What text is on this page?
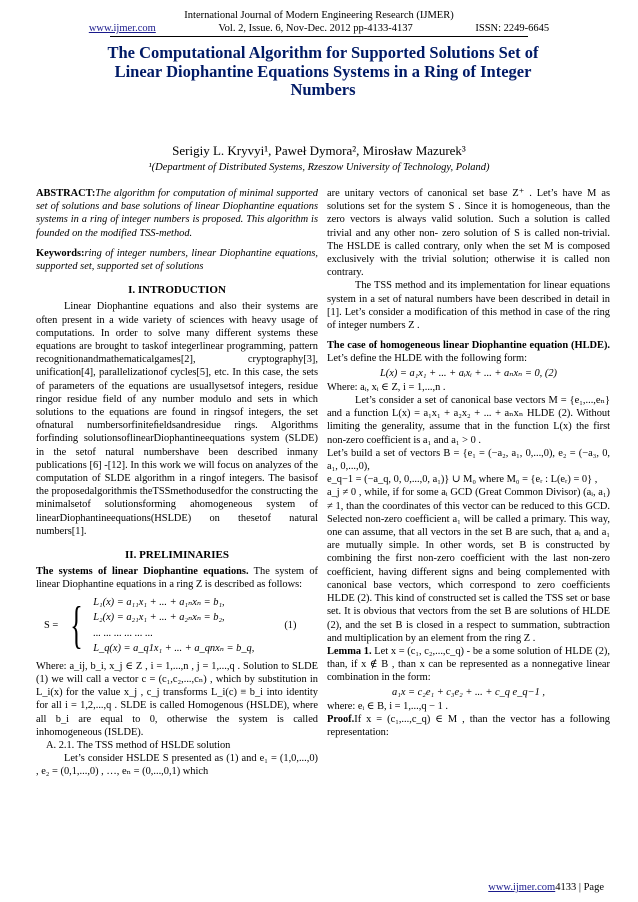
International Journal of Modern Engineering Research (IJMER)
www.ijmer.com	Vol. 2, Issue. 6, Nov-Dec. 2012 pp-4133-4137	ISSN: 2249-6645
The Computational Algorithm for Supported Solutions Set of Linear Diophantine Equations Systems in a Ring of Integer Numbers
Serigiy L. Kryvyi¹, Paweł Dymora², Mirosław Mazurek³
¹(Department of Distributed Systems, Rzeszow University of Technology, Poland)

ABSTRACT:The algorithm for computation of minimal supported set of solutions and base solutions of linear Diophantine equations systems in a ring of integer numbers is proposed. This algorithm is founded on the modified TSS-method.

Keywords:ring of integer numbers, linear Diophantine equations, supported set, supported set of solutions

I. INTRODUCTION

Linear Diophantine equations and also their systems are often present in a wide variety of sciences with heavy usage of computations. In order to solve many different systems these equations are brought to taskof integerlinear programming, pattern recognitionandmathematicalgames[2], cryptography[3], unification[4], parallelizationof cycles[5], etc. In this case, the sets of parameters of the equations are usuallysetsof integers, residue ringor residue field of any number modulo and sets in which solutions to the equations are found in ringsof integers, the set ofnatural numbersorfiniteﬁeldsandresidue rings. Algorithms forfinding solutionsoflinearDiophantineequations system (SLDE) in the setof natural numbershave been described inmany publications [6] -[12]. In this work we will focus on analyzes of the computation of SLDE algorithm in a ringof integers. The basisof the proposedalgorithmis theTSSmethodusedfor the constructing the minimalsetof solutionsforming ahomogeneous system of linearDiophantineequations(HSLDE) on thesetof natural numbers[1].

II. PRELIMINARIES

The systems of linear Diophantine equations. The system of linear Diophantine equations in a ring Z is described as follows:

S = { L₁(x) = a₁₁x₁ + ... + a₁ₙxₙ = b₁,
L₂(x) = a₂₁x₁ + ... + a₂ₙxₙ = b₂,
... ... ... ... ... ...
L_q(x) = a_q1x₁ + ... + a_qnxₙ = b_q,
(1)

Where: a_ij, b_i, x_j ∈ Z , i = 1,...,n , j = 1,...,q . Solution to SLDE (1) we will call a vector c = (c₁,c₂,...,cₙ) , which by substitution in L_i(x) for the value x_j , c_j transforms L_i(c) ≡ b_i into identity for all i = 1,2,...,q . SLDE is called Homogenous (HSLDE), where all b_i are equal to 0, otherwise the system is called inhomogeneous (ISLDE).

A. 2.1. The TSS method of HSLDE solution

Let’s consider HSLDE S presented as (1) and e₁ = (1,0,...,0) , e₂ = (0,1,...,0) , …, eₙ = (0,...,0,1) which

are unitary vectors of canonical set base Z⁺ . Let’s have M as solutions set for the system S . Since it is homogeneous, than the zero vectors is always valid solution. Such a solution is called trivial and any other non- zero solution of S is called non-trivial. The HSLDE is called contrary, only when the set M is composed exclusively with the trivial solution; otherwise it is called non contrary.

The TSS method and its implementation for linear equations system in a set of natural numbers have been described in detail in [1]. Let’s consider a modification of this method in case of the ring of integer numbers Z .

The case of homogeneous linear Diophantine equation (HLDE). Let’s define the HLDE with the following form:

L(x) = a₁x₁ + ... + aᵢxᵢ + ... + aₙxₙ = 0, (2)

Where: aᵢ, xᵢ ∈ Z, i = 1,...,n .

Let’s consider a set of canonical base vectors M = {e₁,...,eₙ} and a function L(x) = a₁x₁ + a₂x₂ + ... + aₙxₙ HLDE (2). Without limiting the generality, assume that in the function L(x) the first non-zero coefficient is a₁ and a₁ > 0 .

Let’s build a set of vectors B = {e₁ = (−a₂, a₁, 0,...,0), e₂ = (−a₃, 0, a₁, 0,...,0),

e_q−1 = (−a_q, 0, 0,...,0, a₁)} ∪ M₀ where M₀ = {eᵣ : L(eᵣ) = 0} ,

a_j ≠ 0 , while, if for some aᵢ GCD (Great Common Divisor) (aᵢ, a₁) ≠ 1, than the coordinates of this vector can be reduced to this GCD. Selected non-zero coefficient a₁ will be called a primary. This way, one can assume, that all vectors in the set B are such, that aᵢ and a₁ are mutually simple. In other words, set B is constructed by combining the first non-zero coefficient with the last non-zero coefficient, having different signs and being complemented with canonical base vectors, which correspond to zero coefficients HLDE (2). This kind of constructed set is called the TSS set or base set. It is obvious that vectors from the set B are solutions of HLDE (2), and the set B is closed in a respect to summation, subtraction and multiplication by an element from the ring Z .

Lemma 1. Let x = (c₁, c₂,...,c_q) - be a some solution of HLDE (2), than, if x ∉ B , than x can be represented as a nonnegative linear combination in the form:

a₁x = c₂e₁ + c₃e₂ + ... + c_q e_q−1 ,

where: eᵢ ∈ B, i = 1,...,q − 1 .

Proof.If x = (c₁,...,c_q) ∈ M , than the vector has a following representation:

www.ijmer.com4133 | Page
